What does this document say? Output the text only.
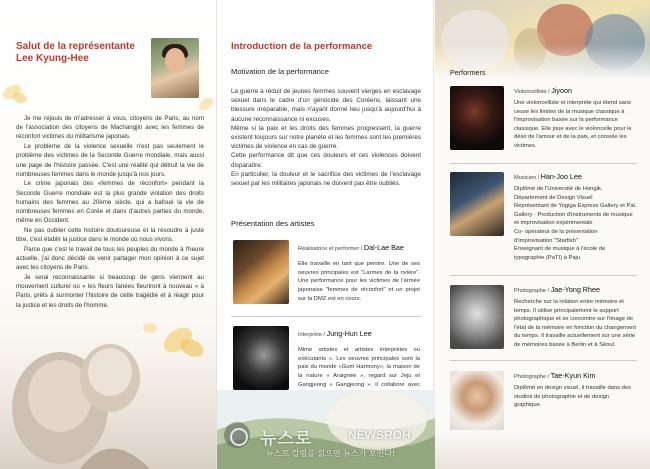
Salut de la représentante
Lee Kyung-Hee

Je me réjouis de m'adresser à vous, citoyens de Paris, au nom de l'association des citoyens de Machangjin avec les femmes de réconfort victimes du militarisme japonais.

Le problème de la violence sexuelle n'est pas seulement le problème des victimes de la Seconde Guerre mondiale, mais aussi une page de l'histoire passée. C'est une réalité qui détruit la vie de nombreuses femmes dans le monde jusqu'à nos jours.

Le crime japonais des «femmes de réconfort» pendant la Seconde Guerre mondiale est la plus grande violation des droits humains des femmes au 20ème siècle, qui a bafoué la vie de nombreuses femmes en Corée et dans d'autres parties du monde, même en Occident.

Ne pas oublier cette histoire douloureuse et la résoudre à juste titre, c'est établir la justice dans le monde où nous vivons.

Parce que c'est le travail de tous les peuples du monde à l'heure actuelle, j'ai donc décidé de venir partager mon opinion à ce sujet avec les citoyens de Paris.

Je serai reconnaissante si beaucoup de gens viennent au mouvement culturel où « les fleurs fanées fleuriront à nouveau » à Paris, prêts à surmonter l'histoire de cette tragédie et à réagir pour la justice et les droits de l'homme.

Introduction de la performance
Motivation de la performance

La guerre a réduit de jeunes femmes souvent vierges en esclavage sexuel dans le cadre d'un génocide des Coréens, laissant une blessure irréparable, mais n'ayant donné lieu jusqu'à aujourd'hui à aucune reconnaissance ni excuses.

Même si la paix et les droits des femmes progressent, la guerre existent toujours sur notre planète et les femmes sont les premières victimes de violence en cas de guerre.

Cette performance dit que ces douleurs et ces violences doivent disparaître.

En particulier, la douleur et le sacrifice des victimes de l'esclavage sexuel par les militaires japonais ne doivent pas être oubliés.

Présentation des artistes
Réalisatrice et performer / Dal-Lae Bae
Elle travaille en tant que peintre. Une de ses oeuvres principales est "Larmes de la rivière". Une performance pour les victimes de l'armée japonaise "femmes de réconfort" et un projet sur la DMZ est en cours.
Interprète / Jung-Hun Lee
Mime artistes et artistes interprètes ou exécutants ». Les oeuvres principales sont la paix du monde «Gum Harmony», la maison de la nature « Araignée », regard sur Jeju et Gangjeong « Gangjeong ». Il collabore avec
Performers
Violoncelliste / Jiyoon
Une violoncelliste et interprète qui étend sans cesse les limites de la musique classique à l'improvisation basée sur la performance classique. Elle joue avec le violoncelle pour le désir de l'amour et de la paix, et console les victimes.
Musicien / Han-Joo Lee
Diplômé de l'Université de Hongik, Département de Design Visuel
Représentant de Yogiga Express Gallery et Pal. Gallery · Production d'instruments de musique et improvisation expérimentale
Co- opérateur de la présentation d'improvisation "Starfish"
Enseignant de musique à l'école de typographie (PaTI) à Paju
Photographe / Jae-Yong Rhee
Recherche sur la relation entre mémoire et temps. Il utilise principalement le support photographique et se concentre sur l'image de l'état de la mémoire en fonction du changement du temps. Il travaille actuellement sur une série de mémoires basée à Berlin et à Séoul.
Photographe / Tae-Kyun Kim
Diplômé en design visuel, il travaille dans des studios de photographie et de design graphique.
뉴스로	NEWSROH
뉴스로 칼럼을 읽으면 뉴스가 보인다!
